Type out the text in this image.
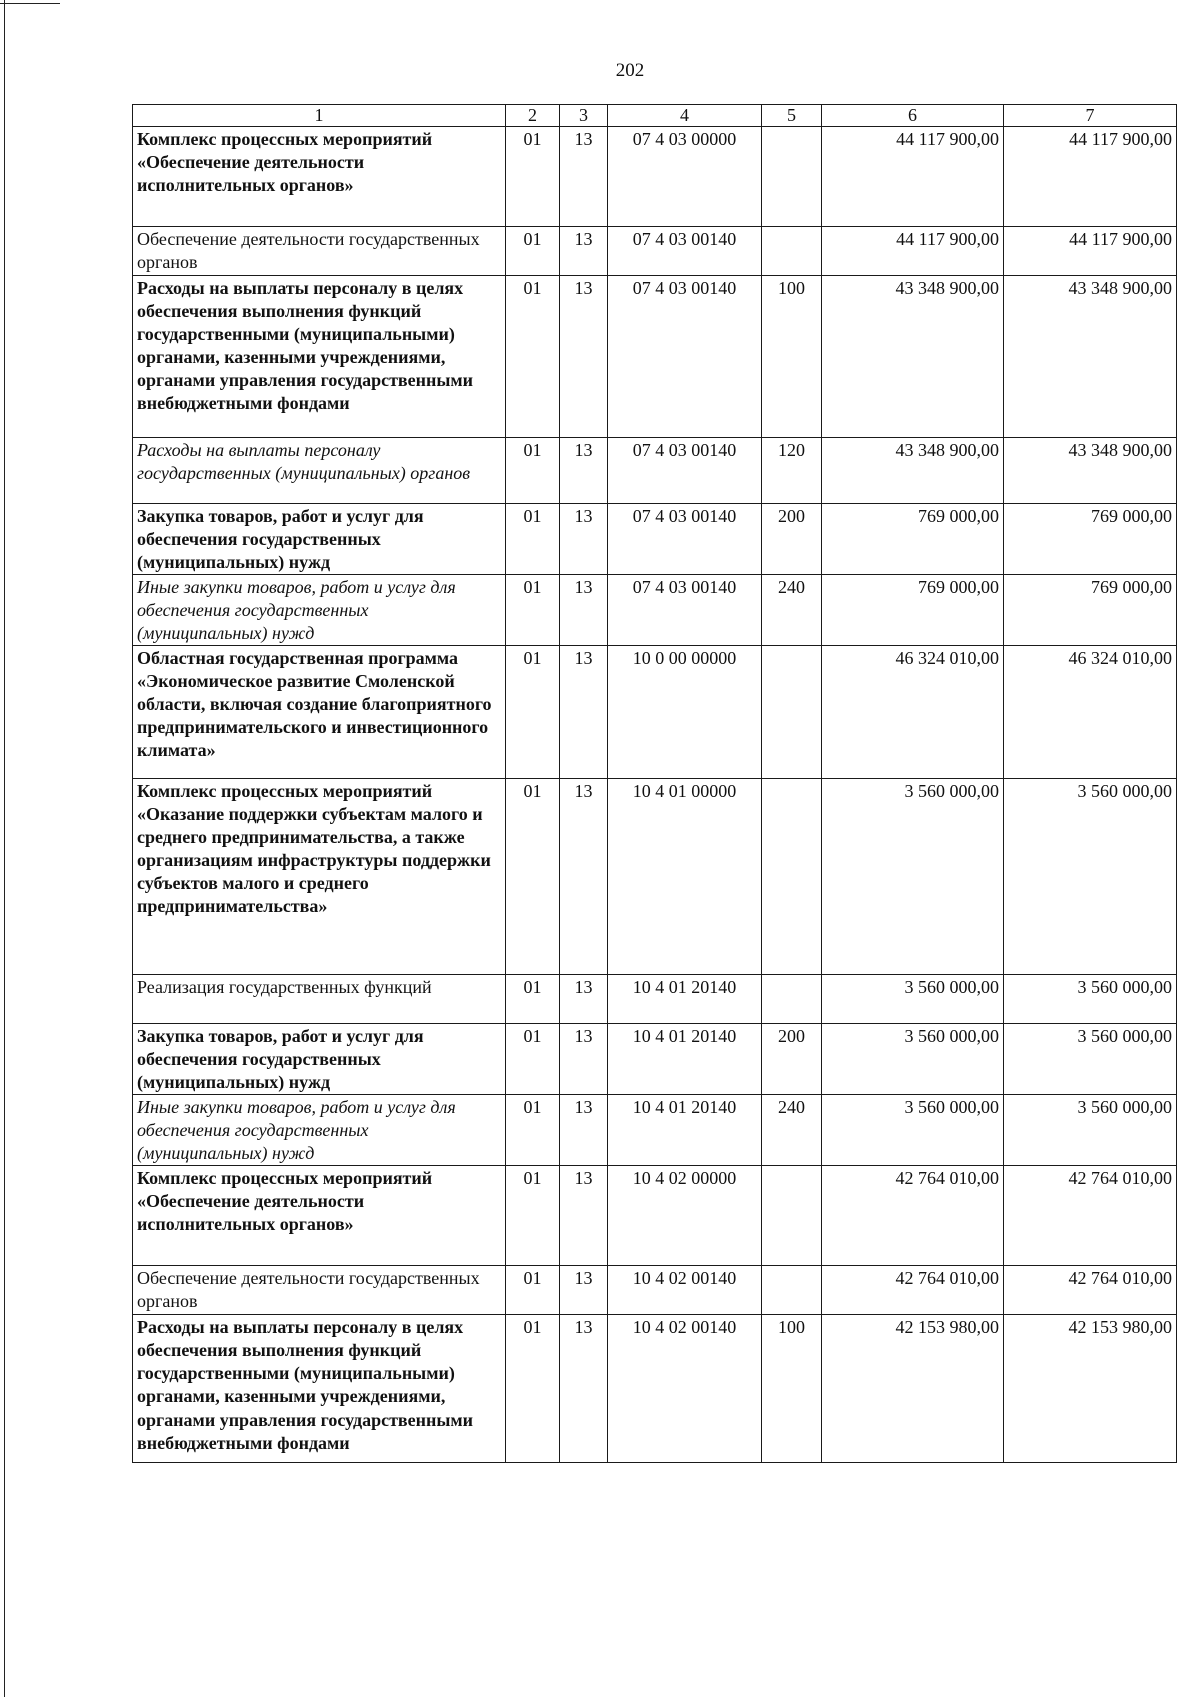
202
1	2	3	4	5	6	7
Комплекс процессных мероприятий «Обеспечение деятельности исполнительных органов»	01	13	07 4 03 00000		44 117 900,00	44 117 900,00
Обеспечение деятельности государственных органов	01	13	07 4 03 00140		44 117 900,00	44 117 900,00
Расходы на выплаты персоналу в целях обеспечения выполнения функций государственными (муниципальными) органами, казенными учреждениями, органами управления государственными внебюджетными фондами	01	13	07 4 03 00140	100	43 348 900,00	43 348 900,00
Расходы на выплаты персоналу государственных (муниципальных) органов	01	13	07 4 03 00140	120	43 348 900,00	43 348 900,00
Закупка товаров, работ и услуг для обеспечения государственных (муниципальных) нужд	01	13	07 4 03 00140	200	769 000,00	769 000,00
Иные закупки товаров, работ и услуг для обеспечения государственных (муниципальных) нужд	01	13	07 4 03 00140	240	769 000,00	769 000,00
Областная государственная программа «Экономическое развитие Смоленской области, включая создание благоприятного предпринимательского и инвестиционного климата»	01	13	10 0 00 00000		46 324 010,00	46 324 010,00
Комплекс процессных мероприятий «Оказание поддержки субъектам малого и среднего предпринимательства, а также организациям инфраструктуры поддержки субъектов малого и среднего предпринимательства»	01	13	10 4 01 00000		3 560 000,00	3 560 000,00
Реализация государственных функций	01	13	10 4 01 20140		3 560 000,00	3 560 000,00
Закупка товаров, работ и услуг для обеспечения государственных (муниципальных) нужд	01	13	10 4 01 20140	200	3 560 000,00	3 560 000,00
Иные закупки товаров, работ и услуг для обеспечения государственных (муниципальных) нужд	01	13	10 4 01 20140	240	3 560 000,00	3 560 000,00
Комплекс процессных мероприятий «Обеспечение деятельности исполнительных органов»	01	13	10 4 02 00000		42 764 010,00	42 764 010,00
Обеспечение деятельности государственных органов	01	13	10 4 02 00140		42 764 010,00	42 764 010,00
Расходы на выплаты персоналу в целях обеспечения выполнения функций государственными (муниципальными) органами, казенными учреждениями, органами управления государственными внебюджетными фондами	01	13	10 4 02 00140	100	42 153 980,00	42 153 980,00
